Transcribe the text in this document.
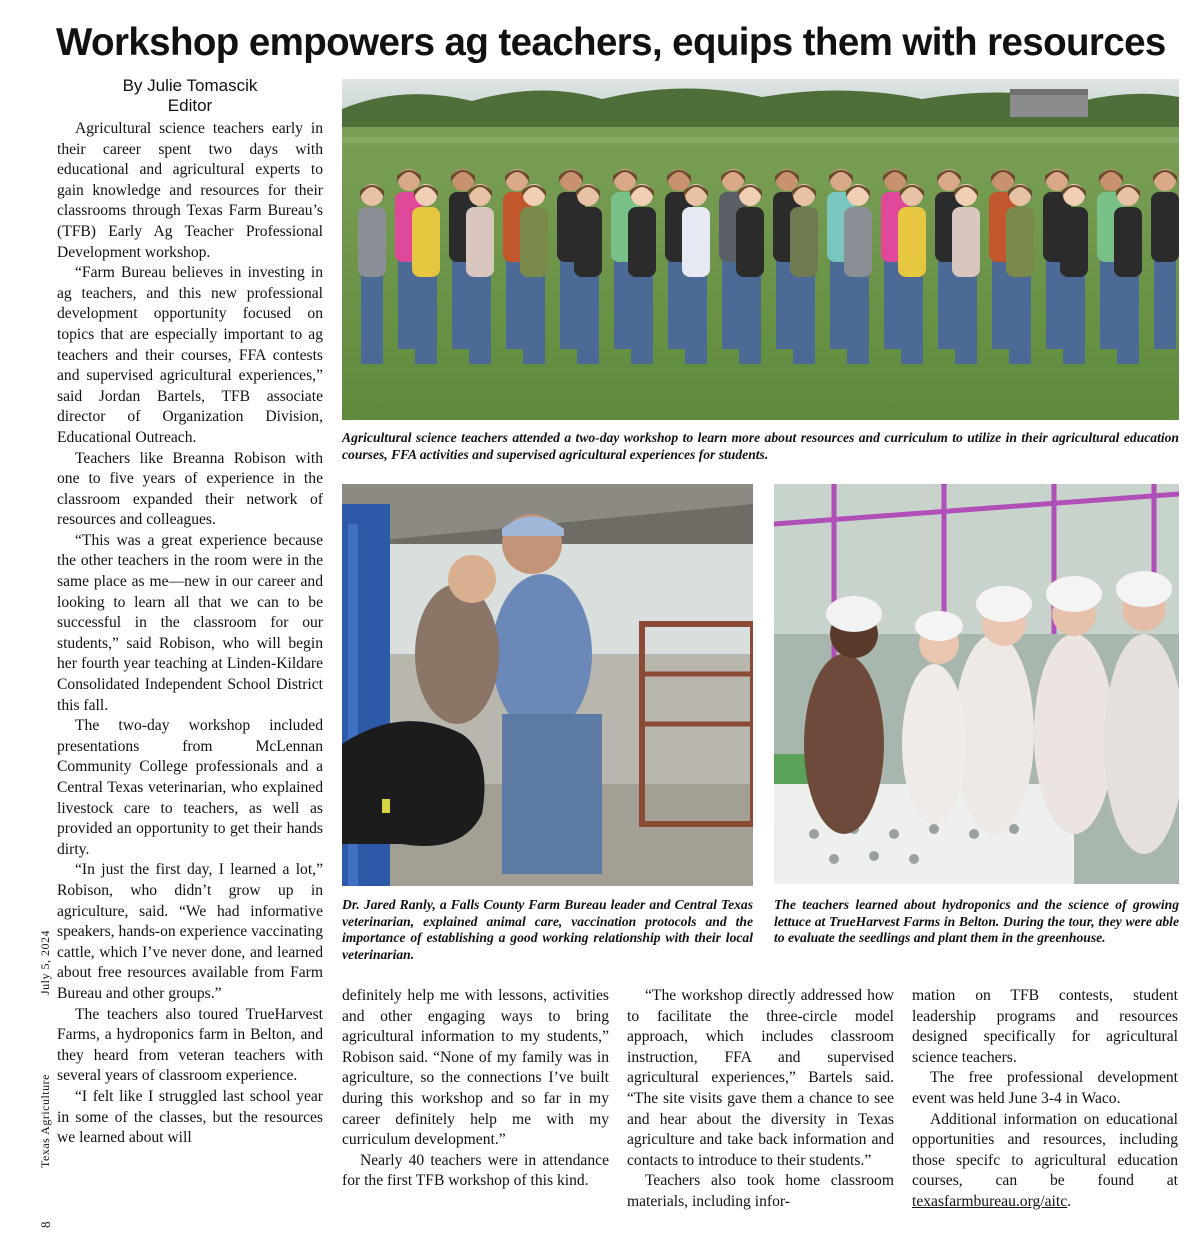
Workshop empowers ag teachers, equips them with resources
By Julie Tomascik
Editor

Agricultural science teachers early in their career spent two days with educational and agricultural experts to gain knowledge and resources for their classrooms through Texas Farm Bureau’s (TFB) Early Ag Teacher Professional Development workshop.

“Farm Bureau believes in investing in ag teachers, and this new professional development opportunity focused on topics that are especially important to ag teachers and their courses, FFA contests and supervised agricultural experiences,” said Jordan Bartels, TFB associate director of Organization Division, Educational Outreach.

Teachers like Breanna Robison with one to five years of experience in the classroom expanded their network of resources and colleagues.

“This was a great experience because the other teachers in the room were in the same place as me—new in our career and looking to learn all that we can to be successful in the classroom for our students,” said Robison, who will begin her fourth year teaching at Linden-Kildare Consolidated Independent School District this fall.

The two-day workshop included presentations from McLennan Community College professionals and a Central Texas veterinarian, who explained livestock care to teachers, as well as provided an opportunity to get their hands dirty.

“In just the first day, I learned a lot,” Robison, who didn’t grow up in agriculture, said. “We had informative speakers, hands-on experience vaccinating cattle, which I’ve never done, and learned about free resources available from Farm Bureau and other groups.”

The teachers also toured TrueHarvest Farms, a hydroponics farm in Belton, and they heard from veteran teachers with several years of classroom experience.

“I felt like I struggled last school year in some of the classes, but the resources we learned about will

July 5, 2024
Texas Agriculture
8
Agricultural science teachers attended a two-day workshop to learn more about resources and curriculum to utilize in their agricultural education courses, FFA activities and supervised agricultural experiences for students.
Dr. Jared Ranly, a Falls County Farm Bureau leader and Central Texas veterinarian, explained animal care, vaccination protocols and the importance of establishing a good working relationship with their local veterinarian.
The teachers learned about hydroponics and the science of growing lettuce at TrueHarvest Farms in Belton. During the tour, they were able to evaluate the seedlings and plant them in the greenhouse.

definitely help me with lessons, activities and other engaging ways to bring agricultural information to my students,” Robison said. “None of my family was in agriculture, so the connections I’ve built during this workshop and so far in my career definitely help me with my curriculum development.”

Nearly 40 teachers were in attendance for the first TFB workshop of this kind.

“The workshop directly addressed how to facilitate the three-circle model approach, which includes classroom instruction, FFA and supervised agricultural experiences,” Bartels said. “The site visits gave them a chance to see and hear about the diversity in Texas agriculture and take back information and contacts to introduce to their students.”

Teachers also took home classroom materials, including infor-

mation on TFB contests, student leadership programs and resources designed specifically for agricultural science teachers.

The free professional development event was held June 3-4 in Waco.

Additional information on educational opportunities and resources, including those specifc to agricultural education courses, can be found at texasfarmbureau.org/aitc.
